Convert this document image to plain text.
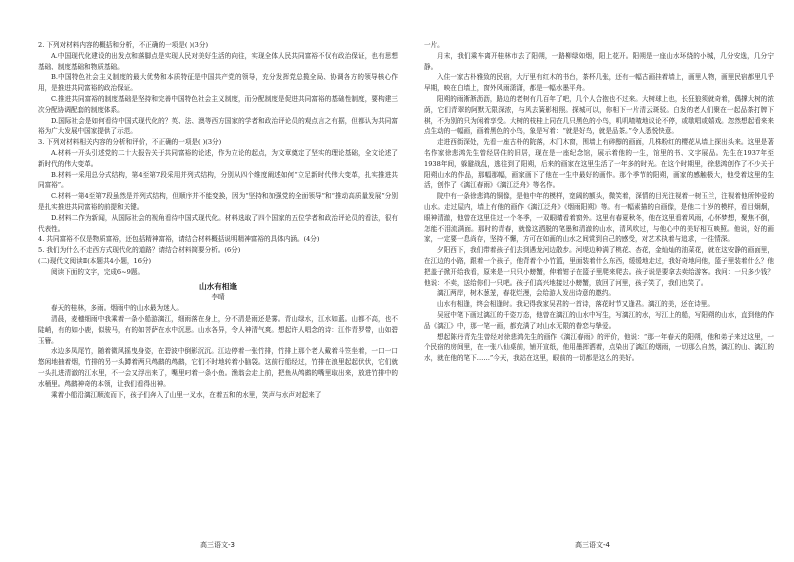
2. 下列对材料内容的概括和分析，不正确的一项是( )(3分)

A.中国现代化建设的出发点和落脚点是实现人民对美好生活的向往，实现全体人民共同富裕不仅有政治保证，也有思想基础、制度基础和物质基础。

B.中国特色社会主义制度的最大优势和本质特征是中国共产党的领导，充分发挥党总揽全局、协调各方的领导核心作用，是推进共同富裕的政治保证。

C.推进共同富裕的制度基础是坚持和完善中国特色社会主义制度，而分配制度是促进共同富裕的基础性制度，要构建三次分配协调配套的制度体系。

D.国际社会是如何看待中国式现代化的？英、法、澳等西方国家的学者和政治评论员的观点言之有据，但都认为共同富裕为广大发展中国家提供了示范。

3. 下列对材料相关内容的分析和评价，不正确的一项是( )(3分)

A.材料一开头引述党的二十大报告关于共同富裕的论述，作为立论的起点，为文章奠定了坚实的理论基础，全文论述了新时代的伟大变革。

B.材料一采用总分式结构，第4至第7段采用并列式结构，分别从四个维度阐述如何“立足新时代伟大变革，扎实推进共同富裕”。

C.材料一第4至第7段虽然是并列式结构，但顺序并不能变换，因为“坚持和加强党的全面领导”和“推动高质量发展”分别是扎实推进共同富裕的前提和关键。

D.材料二作为新闻，从国际社会的视角看待中国式现代化。材料选取了四个国家的五位学者和政治评论员的看法，很有代表性。

4. 共同富裕不仅是物质富裕，还包括精神富裕，请结合材料概括说明精神富裕的具体内涵。(4分)

5. 我们为什么不走西方式现代化的道路？请结合材料简要分析。(6分)

(二)现代文阅读Ⅱ(本题共4小题，16分)

阅读下面的文字，完成6~9题。

山水有相逢

李晴

春天的桂林，多雨。烟雨中的山水最为迷人。

清晨，麦穗细雨中我乘着一条小船游漓江，细雨落在身上，分不清是雨还是雾。青山绿水，江水如蓝。山都不高，也不陡峭，有的如小鹿，似骏马，有的如菩萨在水中沉思。山水各异，令人神清气爽。想起许人唱念的诗：江作青罗带，山如碧玉簪。

水边多凤尾竹，随着微风摇曳身姿，在碧波中倒影沉沉。江边停着一张竹排，竹排上那个老人戴着斗笠坐着，一口一口悠闲地抽着烟，竹排的另一头蹲着两只鸬鹚的鸬鹚，它们不时地转着小脑袋。这前行船经过，竹排在浪里起起伏伏，它们就一头扎进清澈的江水里，不一会又浮出来了，嘴里叼着一条小鱼。渔翁会走上前，把鱼从鸬鹚的嘴里取出来，放进竹排中的水桶里。鸬鹚神奇的本领，让我们看得出神。

乘着小船沿漓江顺流而下，孩子们奔入了山里一叉水，在着五和的水里，笑声与水声对起来了

一片。

月末，我们乘车离开桂林市去了阳朔，一路柳绿如烟，阳上花开。阳朔是一座山水环绕的小城，几分安逸，几分宁静。

入住一家古朴雅致的民宿，大厅里有红木的书台，茶杯几张，还有一幅古画挂着墙上，画里人物，画里民宿都里几乎早期，映在白墙上，窗外风雨潇潇，都是一幅水墨平舟。

阳朔的雨淅淅沥沥，路边的老树有几百年了吧，几个人合抱也不过来。大树球上也，长狂狼须就奇着，偶撑大树的浓荫，它们青翠的阿默无限深浓，与风去簧影相照。探城可以，你相下一片清云斑驳。白发的老人们聚在一起品茶打牌下棋，不为别的只为闲着享受。大树的枝桂上同在几只黑色的小鸟，叽叽喳喳地议论不停，或歇唱或嬉戏。忽然想起看来来点生动的一幅画，画着黑色的小鸟，象是写着：“就是好鸟，就是品茶。”令人悉悦快意。

走进西街深处，先看一座古朴的院落，木门木窗，围墙上有碎醇的画面，几株粉红的樱花从墙上探出头来。这里是著名作家徐悲鸿先生曾经居住的旧居，现在是一座纪念馆，展示着他的一生，馆里的书、文字展品。先生在1937年至1938年间，躲避战乱，逃往到了阳朔，后来的画家在这里生活了一年多的时光。在这个时期里，徐悲鸿创作了不少关于阳朔山水的作品，那幅那幅，画家画下了他在一生中最好的画作。那个季节的阳朔，画家的感触极大，他受着这里的生活，创作了《漓江春雨》《漓江泛舟》等名作。

院中有一条徐悲鸿的铜像，是他中年的模样，宽阔的额头，微笑着，深情的目光注视着一树玉兰，注视着他所钟爱的山水。走过屋内，墙上有他的画作《漓江泛舟》《烟雨阳朔》等。有一幅素描的自画像，是他二十岁的模样，看目炯炯，眼神清澈，他曾在这里住过一个冬季，一双眼睛看着窗外。这里有春夏秋冬，他在这里看着风雨，心怀梦想，聚焦不倒，怎能不泪流满面。那时的青春，就像这洒脱的笔墨和清澈的山水，清风吹过，与他心中的美好相互映照。他说，好的画家，一定要一息尚存，坚持不懈，方可在如画的山水之间赏到自己的感受，对艺术执着与追求，一往情深。

夕阳西下，我们带着孩子们去到遇龙河边散步。河堤边种满了桃花、杏花，金灿灿的油菜花，就在这安静的画面里，在江边的小路，跟着一个孩子，他背着个小竹篮，里面装着什么东西，缓缓地走过，我好奇地问他，篮子里装着什么？他把盖子掀开给我看，原来是一只只小螃蟹，伸着钳子在篮子里爬来爬去。孩子说是要拿去卖给游客。我问：一只多少钱？他说：不卖，送给你们一只吧。孩子们高兴地接过小螃蟹，放回了河里，孩子笑了，我们也笑了。

漓江两岸，树木葱茏，春花烂漫，会给游人发出诗意的邀约。

山水有相逢，终会相逢时。我记得我家吴君的一首诗，落花时节又逢君。漓江的美，还在诗里。

吴冠中笔下画过漓江的千姿万态，他曾在漓江的山水中写生，写漓江的水，写江上的船，写阳朔的山水，直到他的作品《漓江》中，那一笔一画，都充满了对山水无限的眷恋与挚爱。

想起陈丹青先生曾经对徐悲鸿先生的画作《漓江春雨》的评价，他说：“那一年春天的阳朔，他和弟子来过这里，一个民宿的房间里，在一张八仙桌前，铺开宣纸，他用墨挥洒着，点染出了漓江的烟雨，一切那么自然，漓江的山、漓江的水，就在他的笔下……”今天，我站在这里，眼前的一切都是这么的美好。

高三语文-3	高三语文-4
